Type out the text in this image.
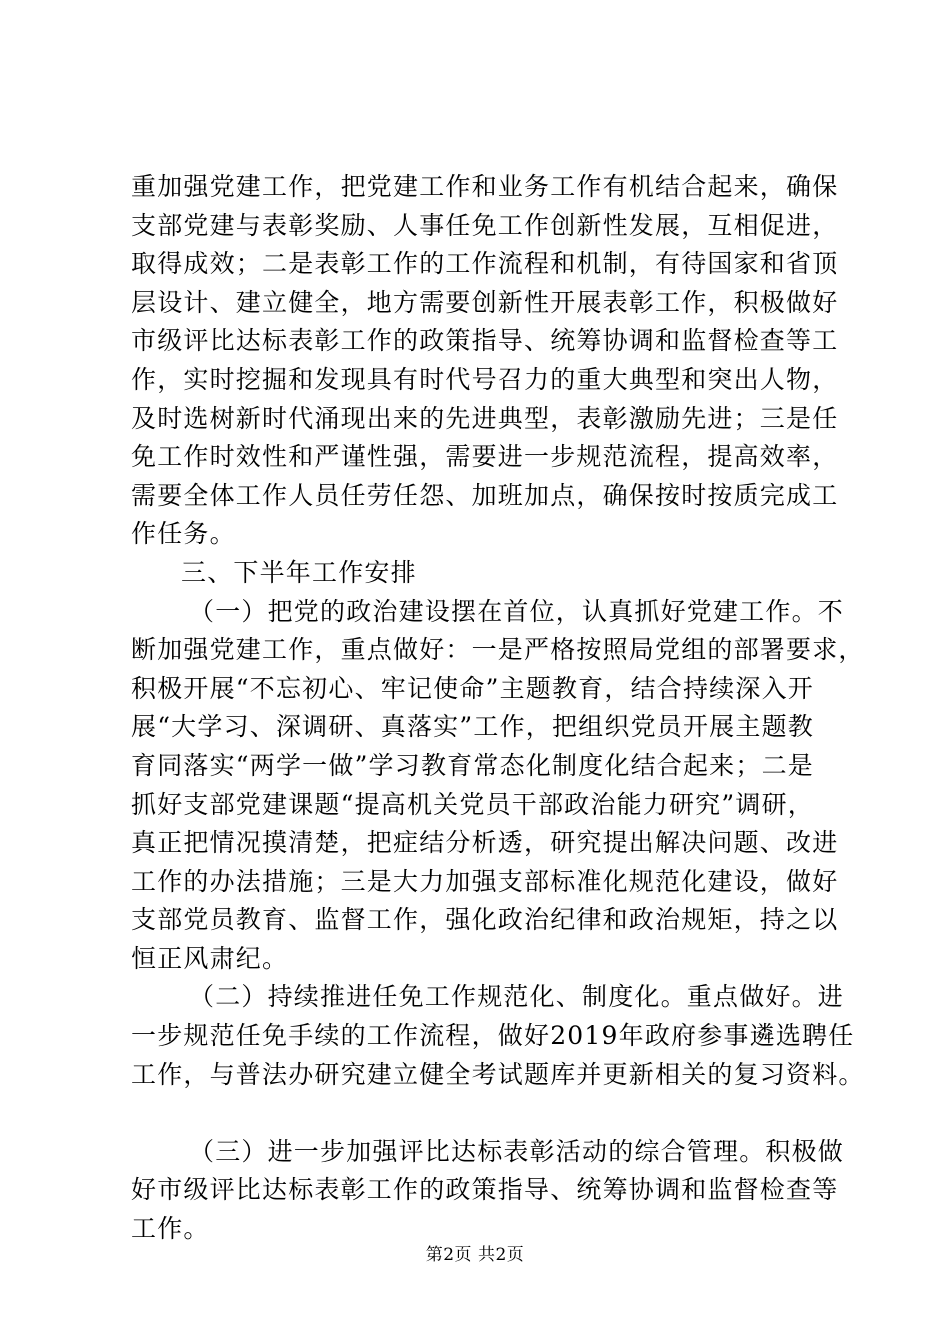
重加强党建工作，把党建工作和业务工作有机结合起来，确保
支部党建与表彰奖励、人事任免工作创新性发展，互相促进，
取得成效；二是表彰工作的工作流程和机制，有待国家和省顶
层设计、建立健全，地方需要创新性开展表彰工作，积极做好
市级评比达标表彰工作的政策指导、统筹协调和监督检查等工
作，实时挖掘和发现具有时代号召力的重大典型和突出人物，
及时选树新时代涌现出来的先进典型，表彰激励先进；三是任
免工作时效性和严谨性强，需要进一步规范流程，提高效率，
需要全体工作人员任劳任怨、加班加点，确保按时按质完成工
作任务。
三、下半年工作安排
（一）把党的政治建设摆在首位，认真抓好党建工作。不
断加强党建工作，重点做好：一是严格按照局党组的部署要求，
积极开展“不忘初心、牢记使命”主题教育，结合持续深入开
展“大学习、深调研、真落实”工作，把组织党员开展主题教
育同落实“两学一做”学习教育常态化制度化结合起来；二是
抓好支部党建课题“提高机关党员干部政治能力研究”调研，
真正把情况摸清楚，把症结分析透，研究提出解决问题、改进
工作的办法措施；三是大力加强支部标准化规范化建设，做好
支部党员教育、监督工作，强化政治纪律和政治规矩，持之以
恒正风肃纪。
（二）持续推进任免工作规范化、制度化。重点做好。进
一步规范任免手续的工作流程，做好2019年政府参事遴选聘任
工作，与普法办研究建立健全考试题库并更新相关的复习资料。
（三）进一步加强评比达标表彰活动的综合管理。积极做
好市级评比达标表彰工作的政策指导、统筹协调和监督检查等
工作。
第2页 共2页
